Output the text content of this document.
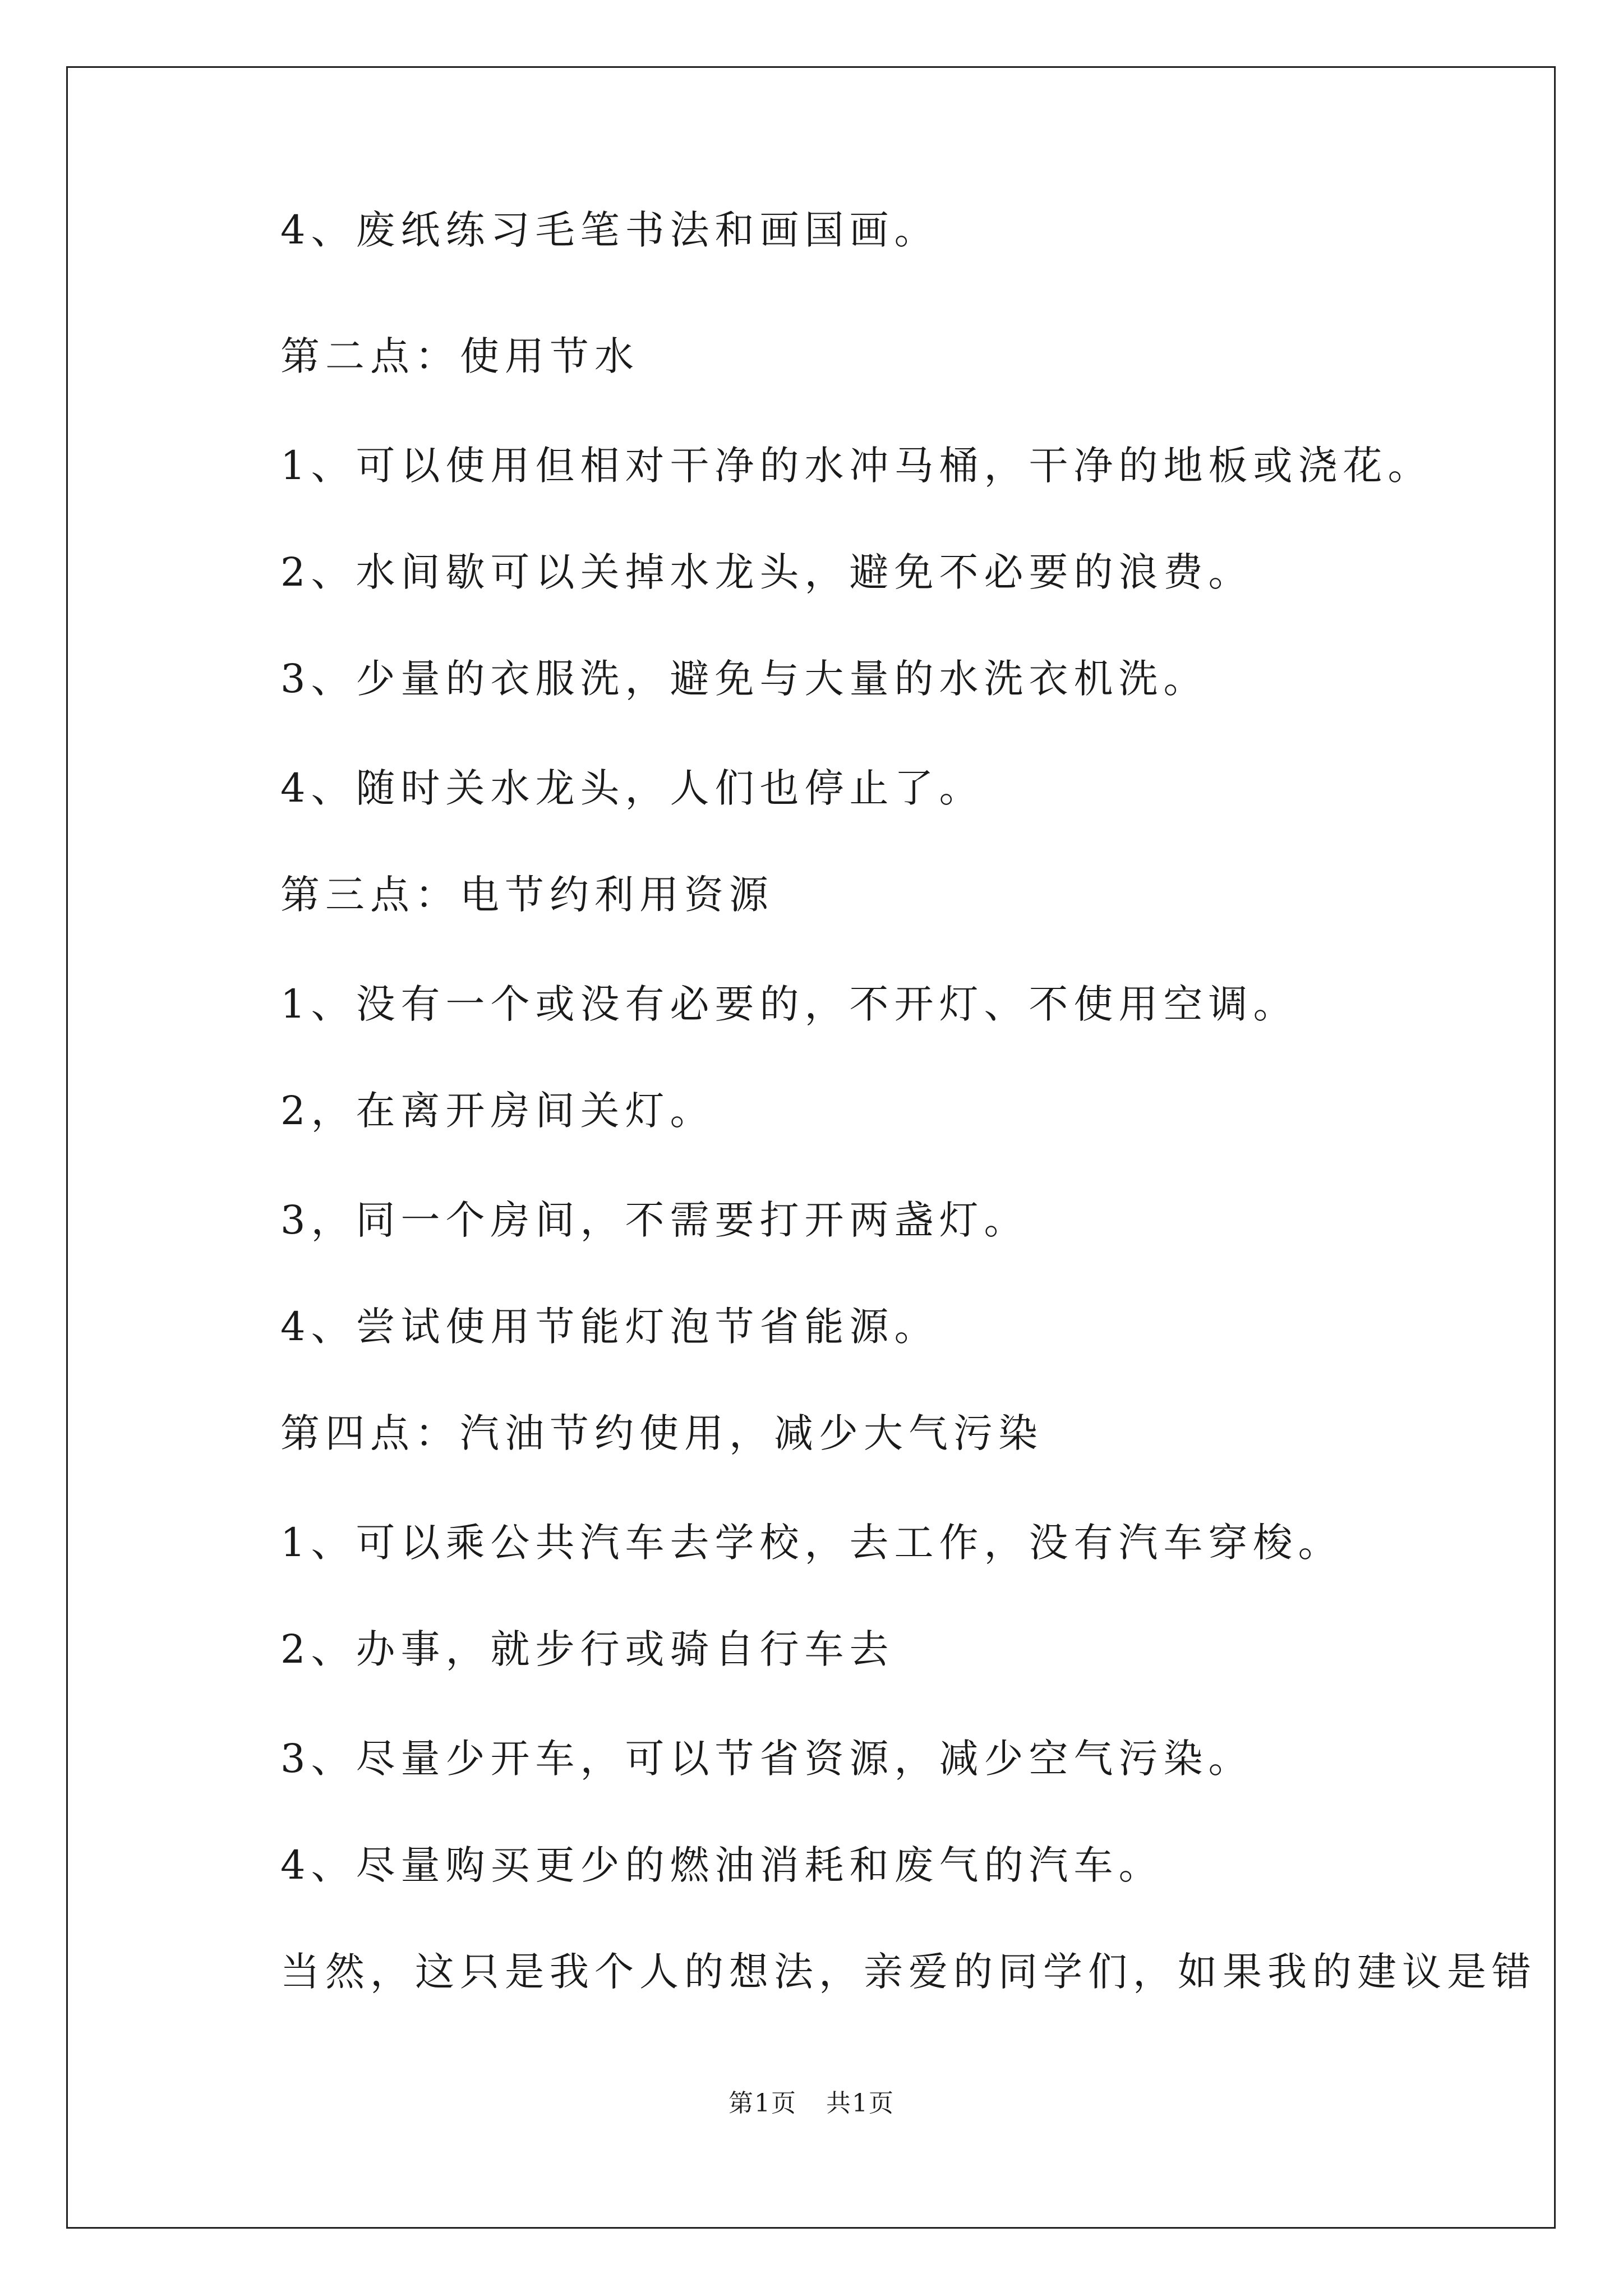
4、废纸练习毛笔书法和画国画。
第二点：使用节水
1、可以使用但相对干净的水冲马桶，干净的地板或浇花。
2、水间歇可以关掉水龙头，避免不必要的浪费。
3、少量的衣服洗，避免与大量的水洗衣机洗。
4、随时关水龙头，人们也停止了。
第三点：电节约利用资源
1、没有一个或没有必要的，不开灯、不使用空调。
2，在离开房间关灯。
3，同一个房间，不需要打开两盏灯。
4、尝试使用节能灯泡节省能源。
第四点：汽油节约使用，减少大气污染
1、可以乘公共汽车去学校，去工作，没有汽车穿梭。
2、办事，就步行或骑自行车去
3、尽量少开车，可以节省资源，减少空气污染。
4、尽量购买更少的燃油消耗和废气的汽车。
当然，这只是我个人的想法，亲爱的同学们，如果我的建议是错
第1页 共1页
